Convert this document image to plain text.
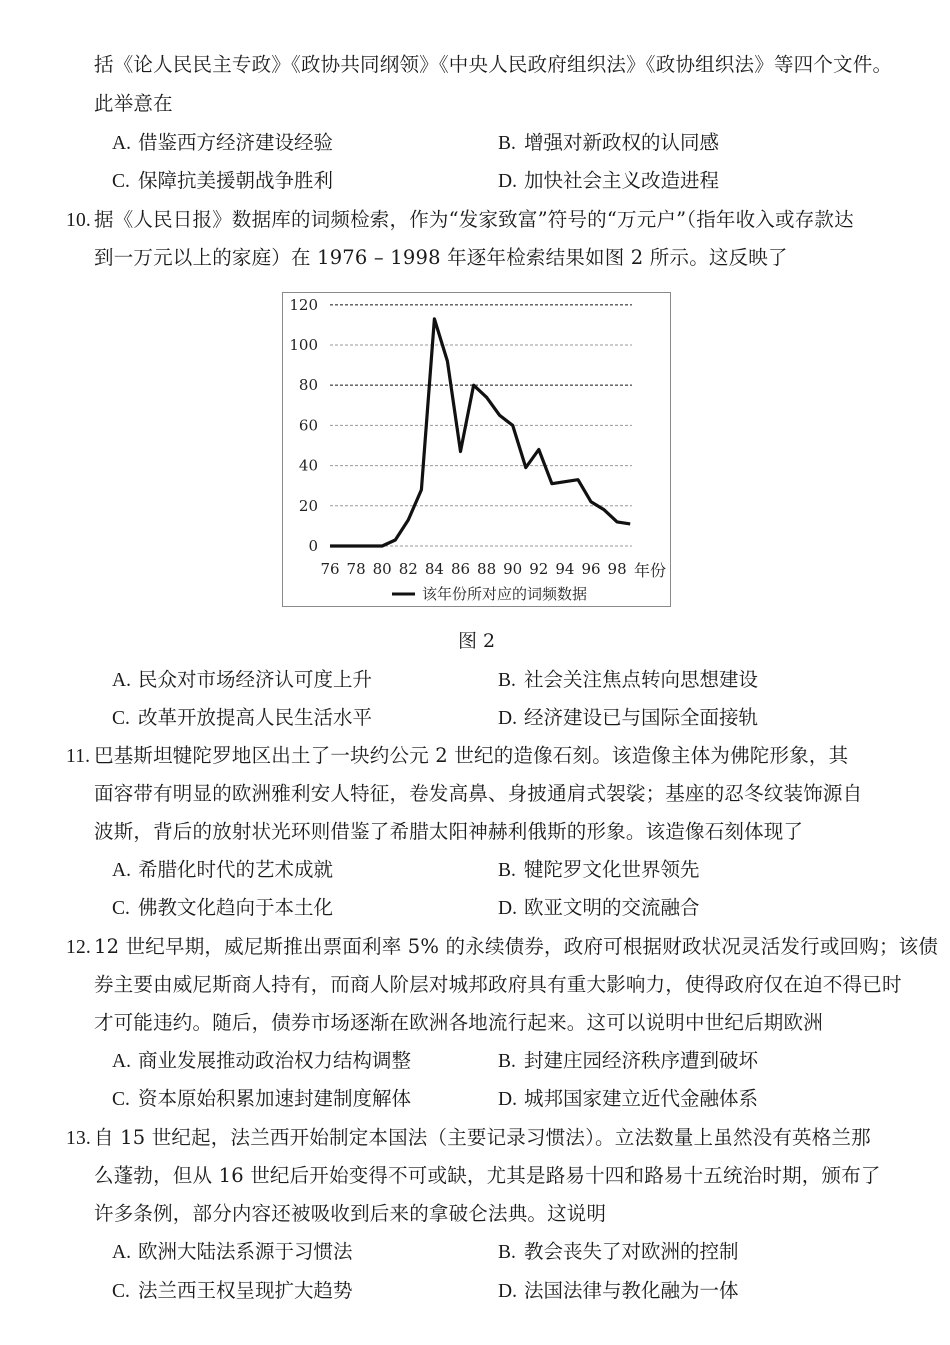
括《论人民民主专政》《政协共同纲领》《中央人民政府组织法》《政协组织法》等四个文件。
此举意在
A. 借鉴西方经济建设经验	B. 增强对新政权的认同感
C. 保障抗美援朝战争胜利	D. 加快社会主义改造进程
10. 据《人民日报》数据库的词频检索，作为“发家致富”符号的“万元户”（指年收入或存款达
到一万元以上的家庭）在 1976 – 1998 年逐年检索结果如图 2 所示。这反映了
0
20
40
60
80
100
120
76 78 80 82 84 86 88 90 92 94 96 98 年份
该年份所对应的词频数据
图 2
A. 民众对市场经济认可度上升	B. 社会关注焦点转向思想建设
C. 改革开放提高人民生活水平	D. 经济建设已与国际全面接轨
11. 巴基斯坦犍陀罗地区出土了一块约公元 2 世纪的造像石刻。该造像主体为佛陀形象，其
面容带有明显的欧洲雅利安人特征，卷发高鼻、身披通肩式袈裟；基座的忍冬纹装饰源自
波斯，背后的放射状光环则借鉴了希腊太阳神赫利俄斯的形象。该造像石刻体现了
A. 希腊化时代的艺术成就	B. 犍陀罗文化世界领先
C. 佛教文化趋向于本土化	D. 欧亚文明的交流融合
12. 12 世纪早期，威尼斯推出票面利率 5% 的永续债券，政府可根据财政状况灵活发行或回购；该债
券主要由威尼斯商人持有，而商人阶层对城邦政府具有重大影响力，使得政府仅在迫不得已时
才可能违约。随后，债券市场逐渐在欧洲各地流行起来。这可以说明中世纪后期欧洲
A. 商业发展推动政治权力结构调整	B. 封建庄园经济秩序遭到破坏
C. 资本原始积累加速封建制度解体	D. 城邦国家建立近代金融体系
13. 自 15 世纪起，法兰西开始制定本国法（主要记录习惯法）。立法数量上虽然没有英格兰那
么蓬勃，但从 16 世纪后开始变得不可或缺，尤其是路易十四和路易十五统治时期，颁布了
许多条例，部分内容还被吸收到后来的拿破仑法典。这说明
A. 欧洲大陆法系源于习惯法	B. 教会丧失了对欧洲的控制
C. 法兰西王权呈现扩大趋势	D. 法国法律与教化融为一体
